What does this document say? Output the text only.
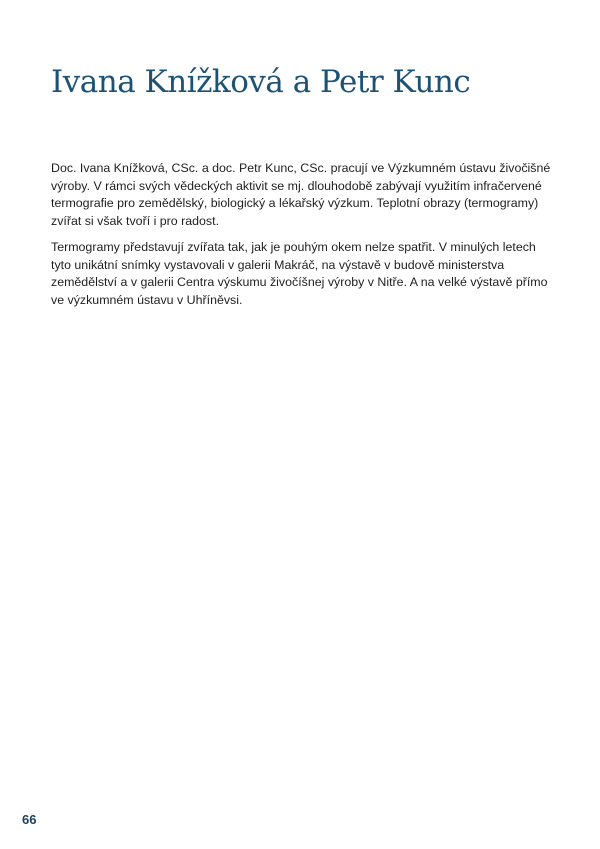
Ivana Knížková a Petr Kunc

Doc. Ivana Knížková, CSc. a doc. Petr Kunc, CSc. pracují ve Výzkumném ústavu živočišné výroby. V rámci svých vědeckých aktivit se mj. dlouhodobě zabývají využitím infračervené termografie pro zemědělský, biologický a lékařský výzkum. Teplotní obrazy (termogramy) zvířat si však tvoří i pro radost.

Termogramy představují zvířata tak, jak je pouhým okem nelze spatřit. V minulých letech tyto unikátní snímky vystavovali v galerii Makráč, na výstavě v budově ministerstva zemědělství a v galerii Centra výskumu živočíšnej výroby v Nitře. A na velké výstavě přímo ve výzkumném ústavu v Uhříněvsi.

66
